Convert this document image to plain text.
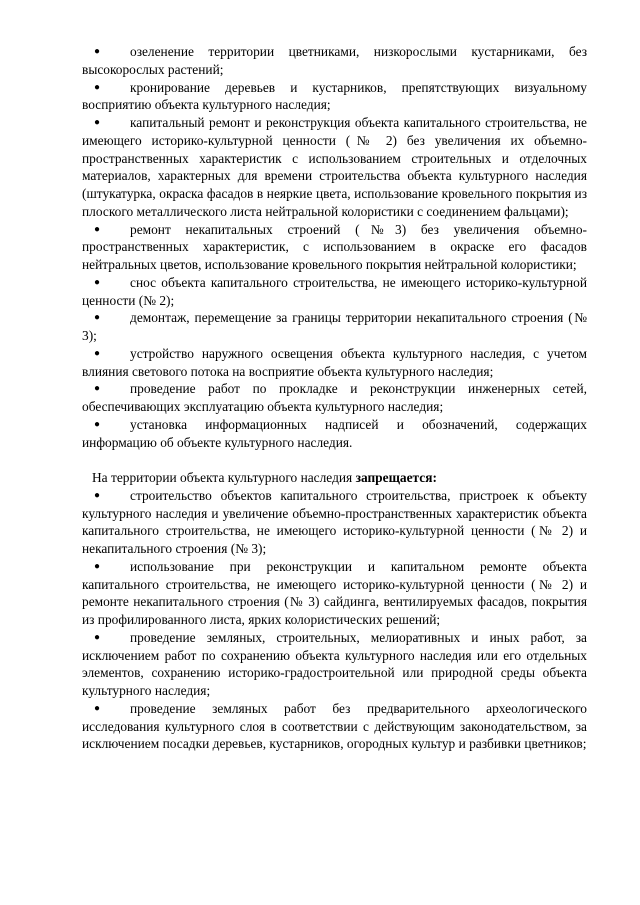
● озеленение территории цветниками, низкорослыми кустарниками, без высокорослых растений;

● кронирование деревьев и кустарников, препятствующих визуальному восприятию объекта культурного наследия;

● капитальный ремонт и реконструкция объекта капитального строительства, не имеющего историко-культурной ценности (№ 2) без увеличения их объемно-пространственных характеристик с использованием строительных и отделочных материалов, характерных для времени строительства объекта культурного наследия (штукатурка, окраска фасадов в неяркие цвета, использование кровельного покрытия из плоского металлического листа нейтральной колористики с соединением фальцами);

● ремонт некапитальных строений (№3) без увеличения объемно-пространственных характеристик, с использованием в окраске его фасадов нейтральных цветов, использование кровельного покрытия нейтральной колористики;

● снос объекта капитального строительства, не имеющего историко-культурной ценности (№ 2);

● демонтаж, перемещение за границы территории некапитального строения (№ 3);

● устройство наружного освещения объекта культурного наследия, с учетом влияния светового потока на восприятие объекта культурного наследия;

● проведение работ по прокладке и реконструкции инженерных сетей, обеспечивающих эксплуатацию объекта культурного наследия;

● установка информационных надписей и обозначений, содержащих информацию об объекте культурного наследия.

На территории объекта культурного наследия запрещается:

● строительство объектов капитального строительства, пристроек к объекту культурного наследия и увеличение объемно-пространственных характеристик объекта капитального строительства, не имеющего историко-культурной ценности (№ 2) и некапитального строения (№ 3);

● использование при реконструкции и капитальном ремонте объекта капитального строительства, не имеющего историко-культурной ценности (№ 2) и ремонте некапитального строения (№ 3) сайдинга, вентилируемых фасадов, покрытия из профилированного листа, ярких колористических решений;

● проведение земляных, строительных, мелиоративных и иных работ, за исключением работ по сохранению объекта культурного наследия или его отдельных элементов, сохранению историко-градостроительной или природной среды объекта культурного наследия;

● проведение земляных работ без предварительного археологического исследования культурного слоя в соответствии с действующим законодательством, за исключением посадки деревьев, кустарников, огородных культур и разбивки цветников;
